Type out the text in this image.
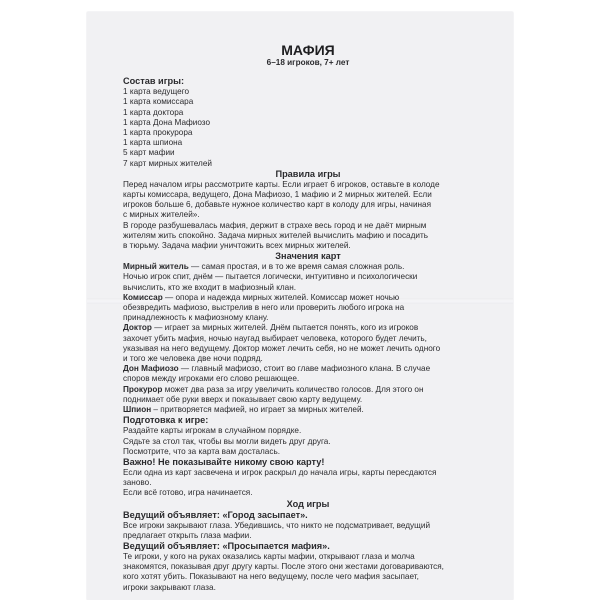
МАФИЯ

6–18 игроков, 7+ лет

Состав игры:

1 карта ведущего

1 карта комиссара

1 карта доктора

1 карта Дона Мафиозо

1 карта прокурора

1 карта шпиона

5 карт мафии

7 карт мирных жителей

Правила игры

Перед началом игры рассмотрите карты. Если играет 6 игроков, оставьте в колоде

карты комиссара, ведущего, Дона Мафиозо, 1 мафию и 2 мирных жителей. Если

игроков больше 6, добавьте нужное количество карт в колоду для игры, начиная

с мирных жителей».

В городе разбушевалась мафия, держит в страхе весь город и не даёт мирным

жителям жить спокойно. Задача мирных жителей вычислить мафию и посадить

в тюрьму. Задача мафии уничтожить всех мирных жителей.

Значения карт

Мирный житель — самая простая, и в то же время самая сложная роль.

Ночью игрок спит, днём — пытается логически, интуитивно и психологически

вычислить, кто же входит в мафиозный клан.

Комиссар — опора и надежда мирных жителей. Комиссар может ночью

обезвредить мафиозо, выстрелив в него или проверить любого игрока на

принадлежность к мафиозному клану.

Доктор — играет за мирных жителей. Днём пытается понять, кого из игроков

захочет убить мафия, ночью наугад выбирает человека, которого будет лечить,

указывая на него ведущему. Доктор может лечить себя, но не может лечить одного

и того же человека две ночи подряд.

Дон Мафиозо — главный мафиозо, стоит во главе мафиозного клана. В случае

споров между игроками его слово решающее.

Прокурор может два раза за игру увеличить количество голосов. Для этого он

поднимает обе руки вверх и показывает свою карту ведущему.

Шпион – притворяется мафией, но играет за мирных жителей.

Подготовка к игре:

Раздайте карты игрокам в случайном порядке.

Сядьте за стол так, чтобы вы могли видеть друг друга.

Посмотрите, что за карта вам досталась.

Важно! Не показывайте никому свою карту!

Если одна из карт засвечена и игрок раскрыл до начала игры, карты пересдаются

заново.

Если всё готово, игра начинается.

Ход игры

Ведущий объявляет: «Город засыпает».

Все игроки закрывают глаза. Убедившись, что никто не подсматривает, ведущий

предлагает открыть глаза мафии.

Ведущий объявляет: «Просыпается мафия».

Те игроки, у кого на руках оказались карты мафии, открывают глаза и молча

знакомятся, показывая друг другу карты. После этого они жестами договариваются,

кого хотят убить. Показывают на него ведущему, после чего мафия засыпает,

игроки закрывают глаза.
